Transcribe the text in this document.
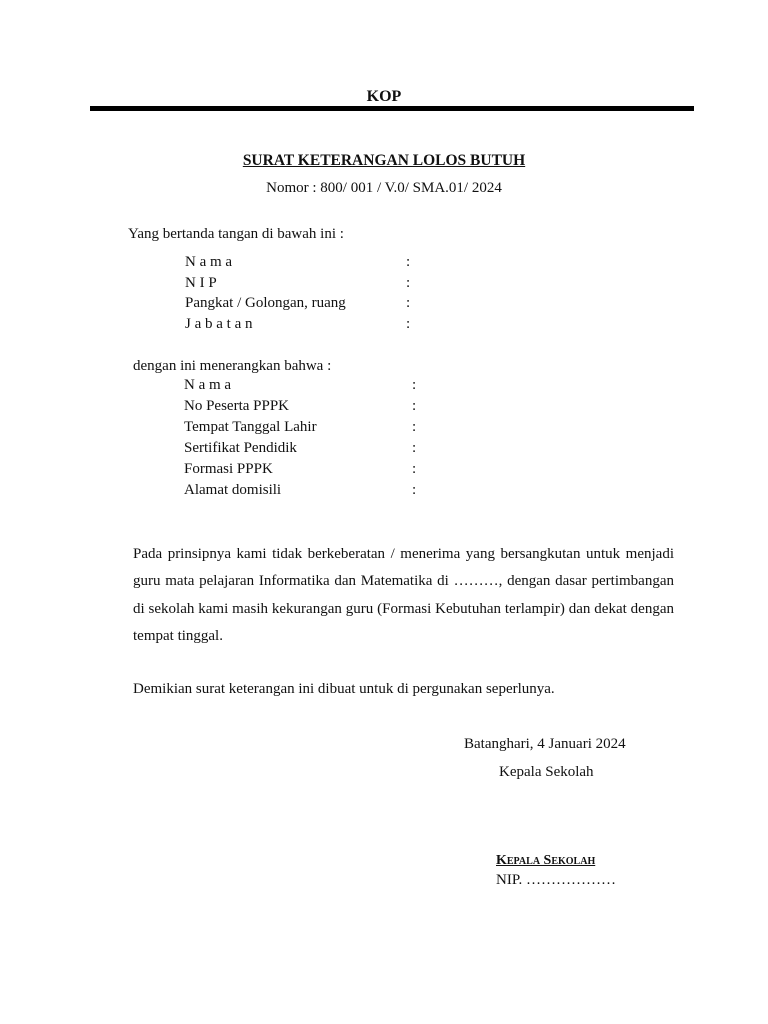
KOP
SURAT KETERANGAN LOLOS BUTUH
Nomor : 800/ 001 / V.0/ SMA.01/ 2024
Yang bertanda tangan di bawah ini :
N a m a	:
N I P	:
Pangkat / Golongan, ruang	:
J a b a t a n	:
dengan ini menerangkan bahwa :
N a m a	:
No Peserta PPPK	:
Tempat Tanggal Lahir	:
Sertifikat Pendidik	:
Formasi PPPK	:
Alamat domisili	:
Pada prinsipnya kami tidak berkeberatan / menerima yang bersangkutan untuk menjadi guru mata pelajaran Informatika dan Matematika di ………, dengan dasar pertimbangan di sekolah kami masih kekurangan guru (Formasi Kebutuhan terlampir) dan dekat dengan tempat tinggal.
Demikian surat keterangan ini dibuat untuk di pergunakan seperlunya.
Batanghari, 4 Januari 2024
Kepala Sekolah
Kepala Sekolah
NIP. ………………
